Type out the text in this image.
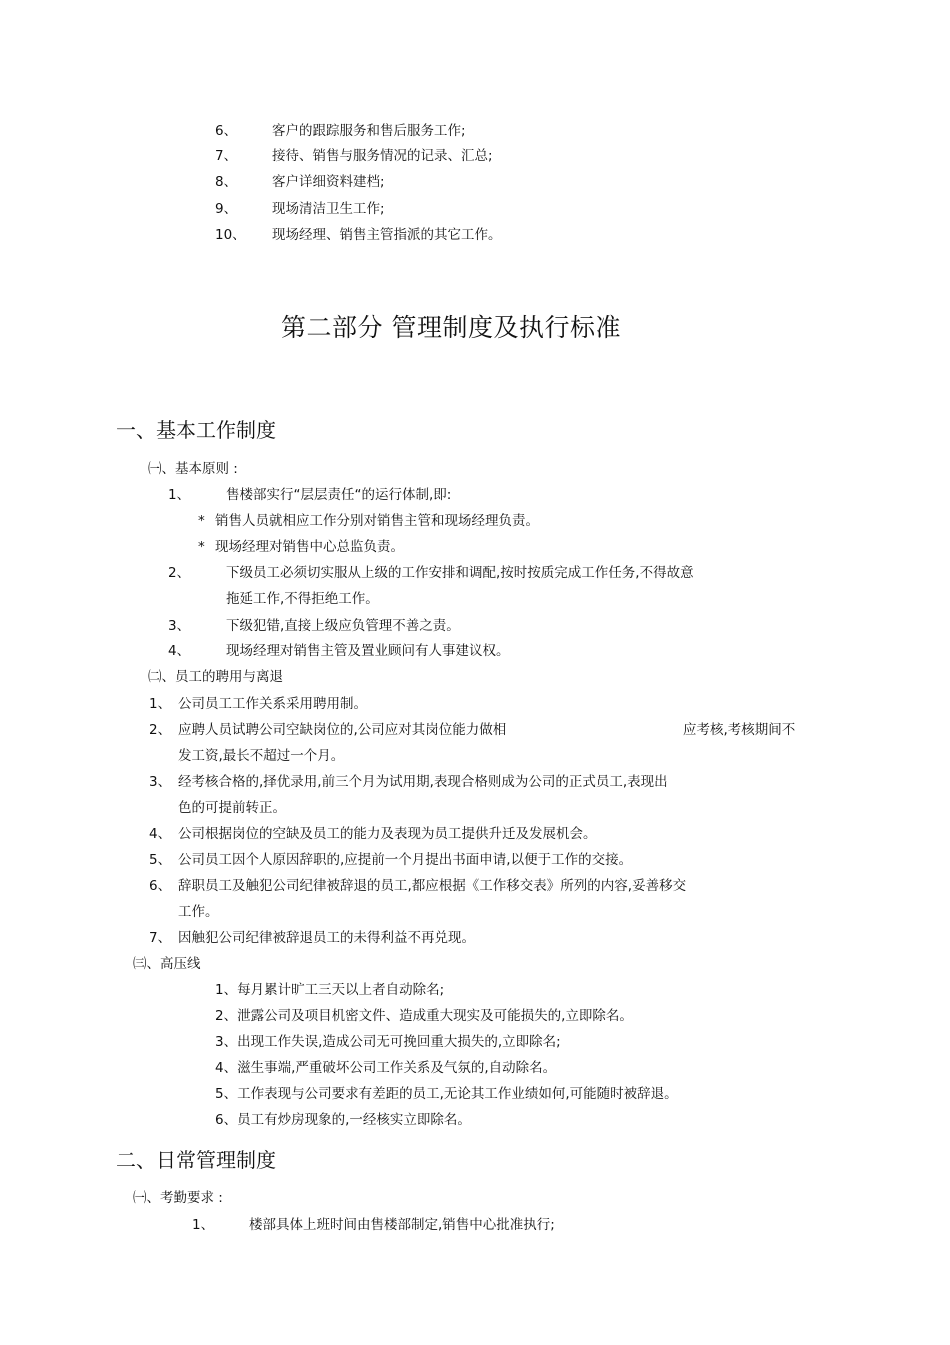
6、	客户的跟踪服务和售后服务工作;
7、	接待、销售与服务情况的记录、汇总;
8、	客户详细资料建档;
9、	现场清洁卫生工作;
10、 现场经理、销售主管指派的其它工作。
第二部分 管理制度及执行标准
一、基本工作制度
㈠、基本原则 :
1、	售楼部实行“层层责任“的运行体制,即:
* 销售人员就相应工作分别对销售主管和现场经理负责。
* 现场经理对销售中心总监负责。
2、	下级员工必须切实服从上级的工作安排和调配,按时按质完成工作任务,不得故意
拖延工作,不得拒绝工作。
3、	下级犯错,直接上级应负管理不善之责。
4、	现场经理对销售主管及置业顾问有人事建议权。
㈡、员工的聘用与离退
1、 公司员工工作关系采用聘用制。
2、 应聘人员试聘公司空缺岗位的,公司应对其岗位能力做相	应考核,考核期间不
发工资,最长不超过一个月。
3、 经考核合格的,择优录用,前三个月为试用期,表现合格则成为公司的正式员工,表现出
色的可提前转正。
4、 公司根据岗位的空缺及员工的能力及表现为员工提供升迁及发展机会。
5、 公司员工因个人原因辞职的,应提前一个月提出书面申请,以便于工作的交接。
6、 辞职员工及触犯公司纪律被辞退的员工,都应根据《工作移交表》所列的内容,妥善移交
工作。
7、 因触犯公司纪律被辞退员工的未得利益不再兑现。
㈢、高压线
1、每月累计旷工三天以上者自动除名;
2、泄露公司及项目机密文件、造成重大现实及可能损失的,立即除名。
3、出现工作失误,造成公司无可挽回重大损失的,立即除名;
4、滋生事端,严重破坏公司工作关系及气氛的,自动除名。
5、工作表现与公司要求有差距的员工,无论其工作业绩如何,可能随时被辞退。
6、员工有炒房现象的,一经核实立即除名。
二、日常管理制度
㈠、考勤要求 :
1、	楼部具体上班时间由售楼部制定,销售中心批准执行;
